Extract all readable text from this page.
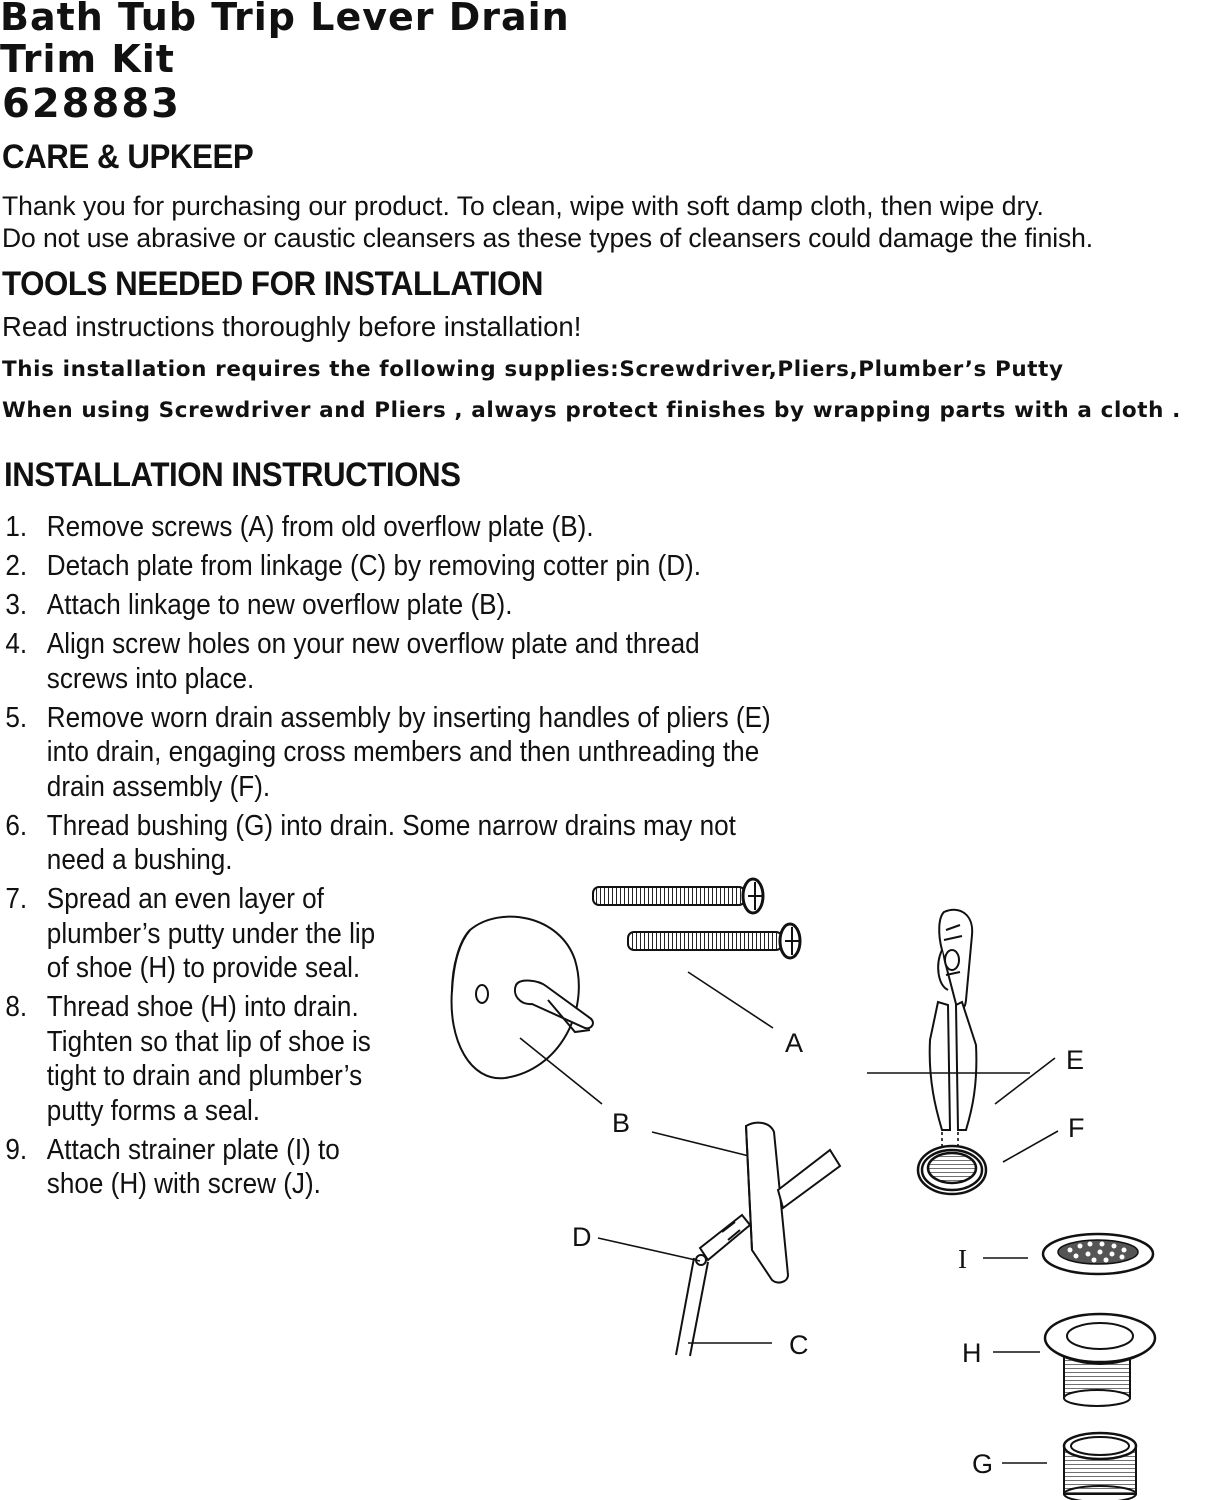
Bath Tub Trip Lever Drain
Trim Kit
628883
CARE & UPKEEP

Thank you for purchasing our product. To clean, wipe with soft damp cloth, then wipe dry.

Do not use abrasive or caustic cleansers as these types of cleansers could damage the finish.

TOOLS NEEDED FOR INSTALLATION

Read instructions thoroughly before installation!

This installation requires the following supplies:Screwdriver,Pliers,Plumber’s Putty

When using Screwdriver and Pliers , always protect finishes by wrapping parts with a cloth .

INSTALLATION INSTRUCTIONS
1. Remove screws (A) from old overflow plate (B).
2. Detach plate from linkage (C) by removing cotter pin (D).
3. Attach linkage to new overflow plate (B).
4. Align screw holes on your new overflow plate and thread
screws into place.
5. Remove worn drain assembly by inserting handles of pliers (E)
into drain, engaging cross members and then unthreading the
drain assembly (F).
6. Thread bushing (G) into drain. Some narrow drains may not
need a bushing.
7. Spread an even layer of
plumber’s putty under the lip
of shoe (H) to provide seal.
8. Thread shoe (H) into drain.
Tighten so that lip of shoe is
tight to drain and plumber’s
putty forms a seal.
9. Attach strainer plate (I) to
shoe (H) with screw (J).
A
B
C
D
E
F
G
H
I
